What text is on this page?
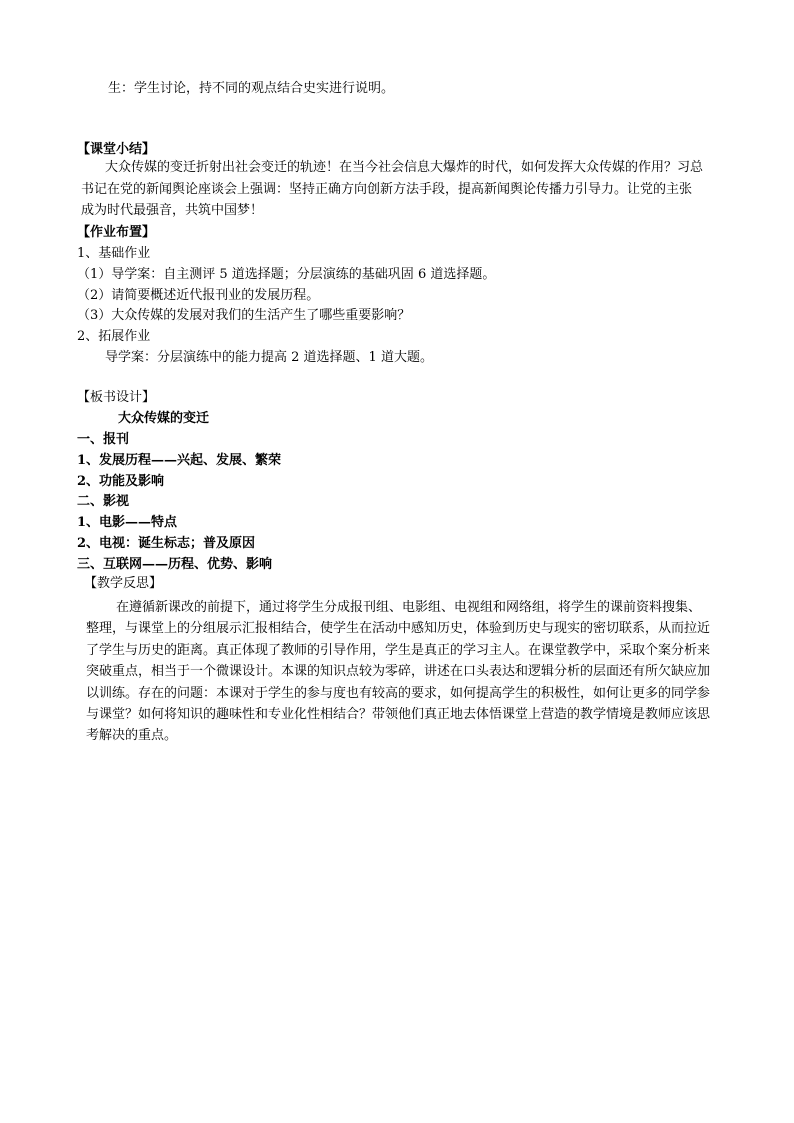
生：学生讨论，持不同的观点结合史实进行说明。
【课堂小结】
大众传媒的变迁折射出社会变迁的轨迹！在当今社会信息大爆炸的时代，如何发挥大众传媒的作用？习总书记在党的新闻舆论座谈会上强调：坚持正确方向创新方法手段，提高新闻舆论传播力引导力。让党的主张成为时代最强音，共筑中国梦！
【作业布置】
1、基础作业
（1）导学案：自主测评 5 道选择题；分层演练的基础巩固 6 道选择题。
（2）请简要概述近代报刊业的发展历程。
（3）大众传媒的发展对我们的生活产生了哪些重要影响？
2、拓展作业
导学案：分层演练中的能力提高 2 道选择题、1 道大题。
【板书设计】
大众传媒的变迁
一、报刊
1、发展历程——兴起、发展、繁荣
2、功能及影响
二、影视
1、电影——特点
2、电视：诞生标志；普及原因
三、互联网——历程、优势、影响
【教学反思】
在遵循新课改的前提下，通过将学生分成报刊组、电影组、电视组和网络组，将学生的课前资料搜集、整理，与课堂上的分组展示汇报相结合，使学生在活动中感知历史，体验到历史与现实的密切联系，从而拉近了学生与历史的距离。真正体现了教师的引导作用，学生是真正的学习主人。在课堂教学中，采取个案分析来突破重点，相当于一个微课设计。本课的知识点较为零碎，讲述在口头表达和逻辑分析的层面还有所欠缺应加以训练。存在的问题：本课对于学生的参与度也有较高的要求，如何提高学生的积极性，如何让更多的同学参与课堂？如何将知识的趣味性和专业化性相结合？带领他们真正地去体悟课堂上营造的教学情境是教师应该思考解决的重点。
